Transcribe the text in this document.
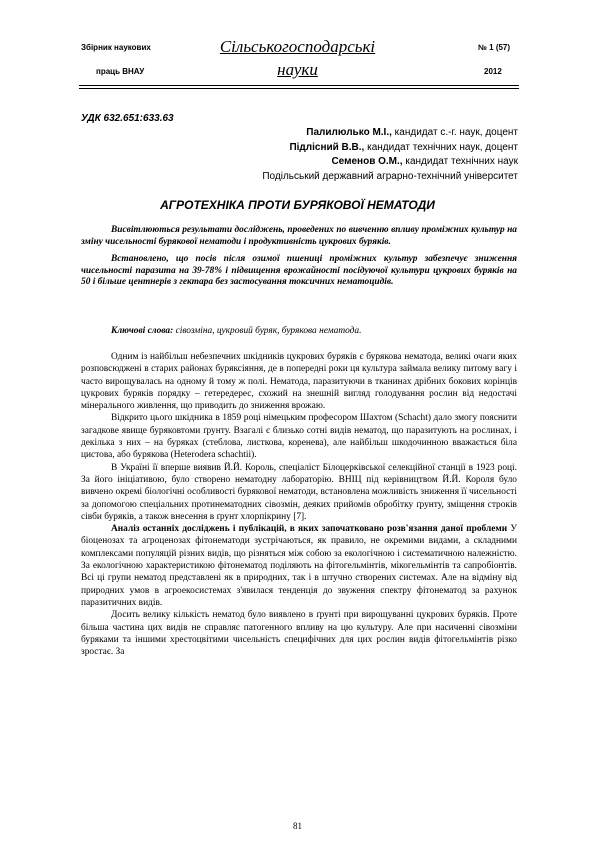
Збірник наукових
праць ВНАУ
Сільськогосподарські
науки
№ 1 (57)
2012
УДК 632.651:633.63
Палилюлько М.І., кандидат с.-г. наук, доцент
Підлісний В.В., кандидат технічних наук, доцент
Семенов О.М., кандидат технічних наук
Подільський державний аграрно-технічний університет
АГРОТЕХНІКА ПРОТИ БУРЯКОВОЇ НЕМАТОДИ

Висвітлюються результати досліджень, проведених по вивченню впливу проміжних культур на зміну чисельності бурякової нематоди і продуктивність цукрових буряків.

Встановлено, що посів після озимої пшениці проміжних культур забезпечує зниження чисельності паразита на 39-78% і підвищення врожайності посідуючої культури цукрових буряків на 50 і більше центнерів з гектара без застосування токсичних нематоцидів.

Ключові слова: сівозміна, цукровий буряк, бурякова нематода.

Одним із найбільш небезпечних шкідників цукрових буряків є бурякова нематода, великі очаги яких розповсюджені в старих районах буряксіяння, де в попередні роки ця культура займала велику питому вагу і часто вирощувалась на одному й тому ж полі. Нематода, паразитуючи в тканинах дрібних бокових корінців цукрових буряків порядку – гетередерес, схожий на знешній вигляд голодування рослин від недостачі мінерального живлення, що приводить до зниження врожаю.

Відкрито цього шкідника в 1859 році німецьким професором Шахтом (Schacht) дало змогу пояснити загадкове явище буряковтоми ґрунту. Взагалі є близько сотні видів нематод, що паразитують на рослинах, і декілька з них – на буряках (стеблова, листкова, коренева), але найбільш шкодочинною вважається біла цистова, або бурякова (Heterodera schachtii).

В Україні її вперше виявив Й.Й. Король, спеціаліст Білоцерківської селекційної станції в 1923 році. За його ініціативою, було створено нематодну лабораторію. ВНІЦ під керівництвом Й.Й. Короля було вивчено окремі біологічні особливості бурякової нематоди, встановлена можливість зниження її чисельності за допомогою спеціальних протинематодних сівозмін, деяких прийомів обробітку ґрунту, зміщення строків сівби буряків, а також внесення в ґрунт хлорпікрину [7].

Аналіз останніх досліджень і публікацій, в яких започатковано розв'язання даної проблеми У біоценозах та агроценозах фітонематоди зустрічаються, як правило, не окремими видами, а складними комплексами популяцій різних видів, що різняться між собою за екологічною і систематичною належністю. За екологічною характеристикою фітонематод поділяють на фітогельмінтів, мікогельмінтів та сапробіонтів. Всі ці групи нематод представлені як в природних, так і в штучно створених системах. Але на відміну від природних умов в агроекосистемах з'явилася тенденція до звуження спектру фітонематод за рахунок паразитичних видів.

Досить велику кількість нематод було виявлено в ґрунті при вирощуванні цукрових буряків. Проте більша частина цих видів не справляє патогенного впливу на цю культуру. Але при насиченні сівозміни буряками та іншими хрестоцвітими чисельність специфічних для цих рослин видів фітогельмінтів різко зростає. За

81
